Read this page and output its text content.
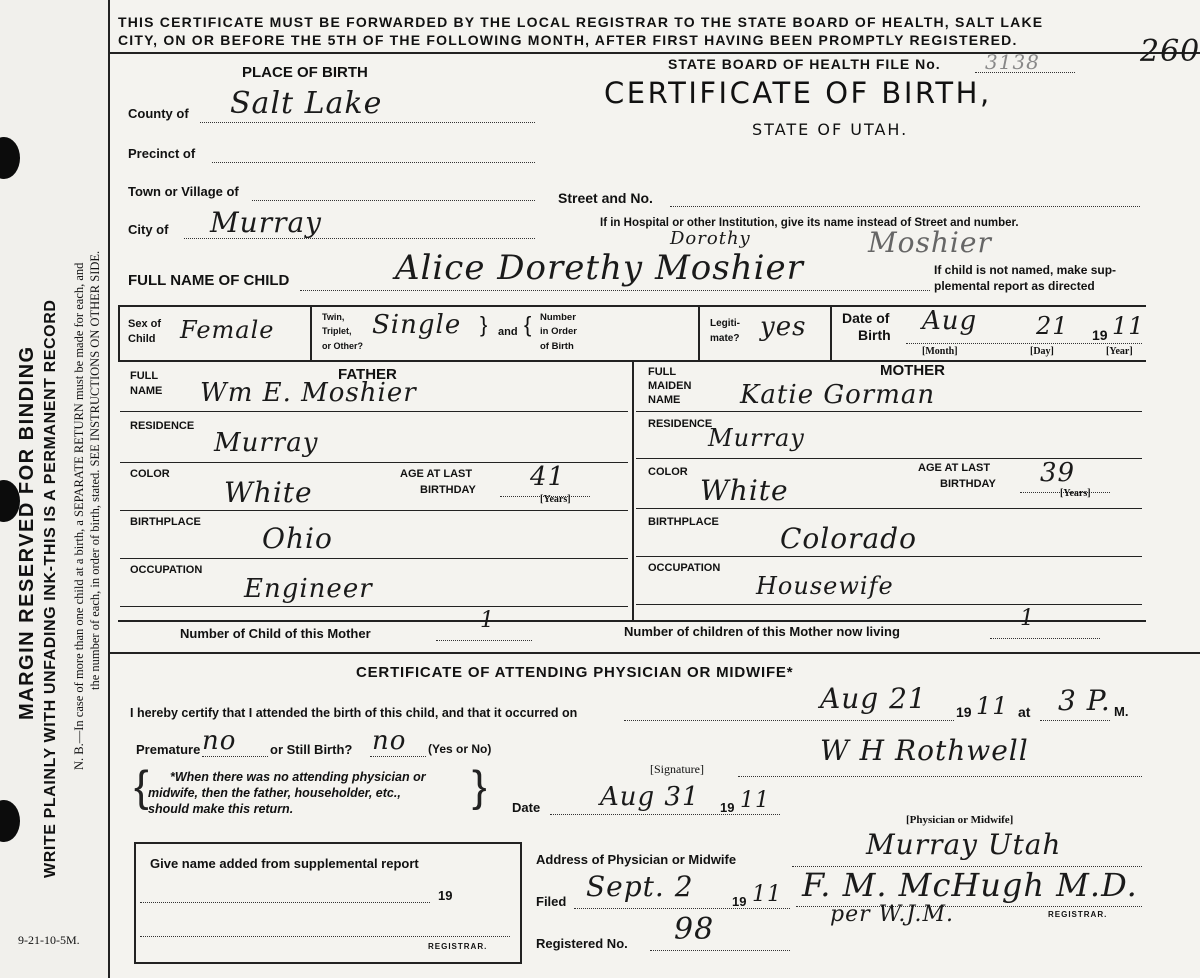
MARGIN RESERVED FOR BINDING WRITE PLAINLY WITH UNFADING INK-THIS IS A PERMANENT RECORD N. B.—In case of more than one child at a birth, a SEPARATE RETURN must be made for each, and the number of each, in order of birth, stated. SEE INSTRUCTIONS ON OTHER SIDE.
9-21-10-5M.
THIS CERTIFICATE MUST BE FORWARDED BY THE LOCAL REGISTRAR TO THE STATE BOARD OF HEALTH, SALT LAKE
CITY, ON OR BEFORE THE 5TH OF THE FOLLOWING MONTH, AFTER FIRST HAVING BEEN PROMPTLY REGISTERED.
STATE BOARD OF HEALTH FILE No. 3138	260
CERTIFICATE OF BIRTH,
STATE OF UTAH.
PLACE OF BIRTH
County of Salt Lake
Precinct of
Town or Village of
City of Murray
Street and No.
If in Hospital or other Institution, give its name instead of Street and number.
FULL NAME OF CHILD	Alice Dorethy Moshier
Dorothy	Moshier
If child is not named, make sup-
plemental report as directed
Sex of
Child Female	Twin,
Triplet,
or Other?
Single } and { Number
in Order
of Birth
Legiti-
mate? yes	Date of
Birth Aug 21 19 11
[Month]	[Day]	[Year]
FATHER
FULL
NAME Wm E. Moshier
RESIDENCE
Murray
COLOR
White
AGE AT LAST
BIRTHDAY 41
[Years]
BIRTHPLACE Ohio
OCCUPATION
Engineer
MOTHER
FULL
MAIDEN
NAME Katie Gorman
RESIDENCE
Murray
COLOR
White
AGE AT LAST
BIRTHDAY 39
[Years]
BIRTHPLACE Colorado
OCCUPATION
Housewife
Number of Child of this Mother
1	Number of children of this Mother now living
1
CERTIFICATE OF ATTENDING PHYSICIAN OR MIDWIFE*
I hereby certify that I attended the birth of this child, and that it occurred on	Aug 21 19 11 at 3 P. M.
Premature no	or Still Birth? no (Yes or No)
{	}
*When there was no attending physician or
midwife, then the father, householder, etc.,
should make this return.
[Signature]
W H Rothwell
Date Aug 31 19 11
[Physician or Midwife]
Address of Physician or Midwife	Murray Utah
Give name added from supplemental report
19
REGISTRAR.
Filed Sept. 2	19 11 F. M. McHugh M.D.
per W.J.M.	REGISTRAR.
Registered No. 98
